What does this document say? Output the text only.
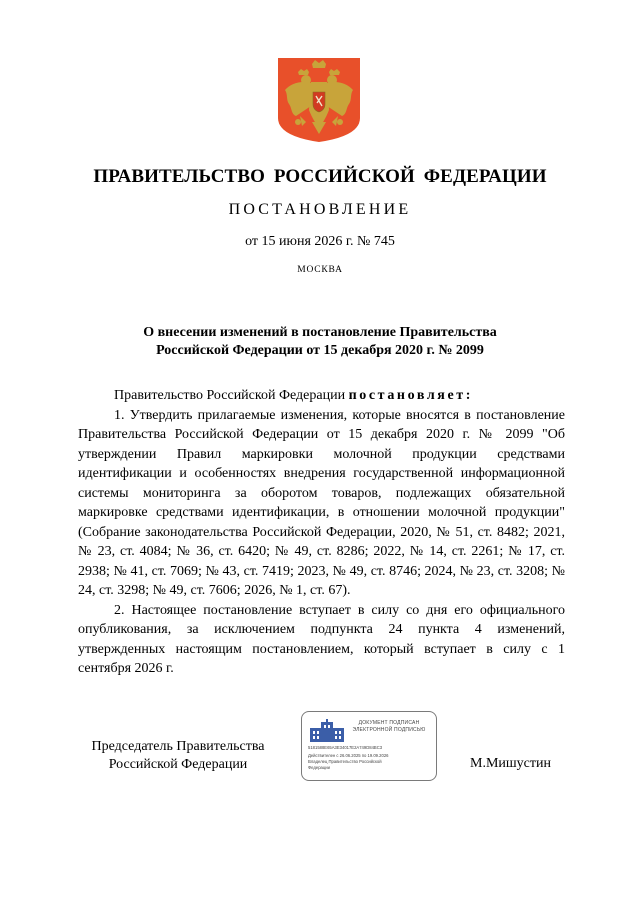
ПРАВИТЕЛЬСТВО РОССИЙСКОЙ ФЕДЕРАЦИИ
ПОСТАНОВЛЕНИЕ
от 15 июня 2026 г. № 745
МОСКВА
О внесении изменений в постановление Правительства
Российской Федерации от 15 декабря 2020 г. № 2099

Правительство Российской Федерации постановляет:

1. Утвердить прилагаемые изменения, которые вносятся в постановление Правительства Российской Федерации от 15 декабря 2020 г. № 2099 "Об утверждении Правил маркировки молочной продукции средствами идентификации и особенностях внедрения государственной информационной системы мониторинга за оборотом товаров, подлежащих обязательной маркировке средствами идентификации, в отношении молочной продукции" (Собрание законодательства Российской Федерации, 2020, № 51, ст. 8482; 2021, № 23, ст. 4084; № 36, ст. 6420; № 49, ст. 8286; 2022, № 14, ст. 2261; № 17, ст. 2938; № 41, ст. 7069; № 43, ст. 7419; 2023, № 49, ст. 8746; 2024, № 23, ст. 3208; № 24, ст. 3298; № 49, ст. 7606; 2026, № 1, ст. 67).

2. Настоящее постановление вступает в силу со дня его официального опубликования, за исключением подпункта 24 пункта 4 изменений, утвержденных настоящим постановлением, который вступает в силу с 1 сентября 2026 г.

Председатель Правительства
Российской Федерации	М.Мишустин
ДОКУМЕНТ ПОДПИСАН
ЭЛЕКТРОННОЙ ПОДПИСЬЮ
5181588E65A3E34017E2A749D84BC3
Действителен с 26.06.2025 по 19.09.2026
Владелец Правительство Российской
Федерации
